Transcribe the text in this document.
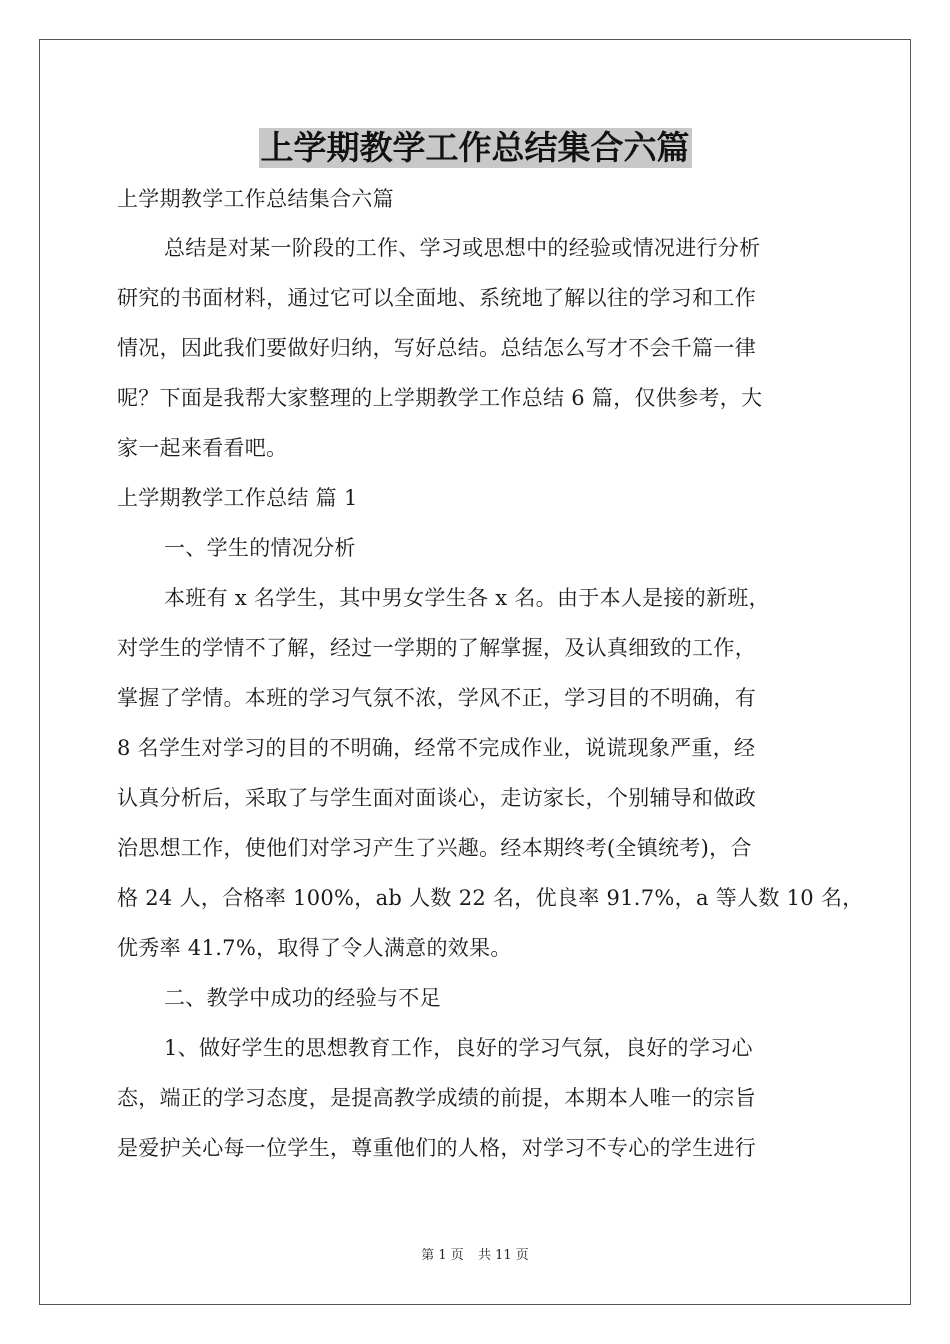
上学期教学工作总结集合六篇
上学期教学工作总结集合六篇
总结是对某一阶段的工作、学习或思想中的经验或情况进行分析
研究的书面材料，通过它可以全面地、系统地了解以往的学习和工作
情况，因此我们要做好归纳，写好总结。总结怎么写才不会千篇一律
呢？下面是我帮大家整理的上学期教学工作总结 6 篇，仅供参考，大
家一起来看看吧。
上学期教学工作总结 篇 1
一、学生的情况分析
本班有 x 名学生，其中男女学生各 x 名。由于本人是接的新班，
对学生的学情不了解，经过一学期的了解掌握，及认真细致的工作，
掌握了学情。本班的学习气氛不浓，学风不正，学习目的不明确，有
8 名学生对学习的目的不明确，经常不完成作业，说谎现象严重，经
认真分析后，采取了与学生面对面谈心，走访家长，个别辅导和做政
治思想工作，使他们对学习产生了兴趣。经本期终考(全镇统考)，合
格 24 人，合格率 100%，ab 人数 22 名，优良率 91.7%，a 等人数 10 名，
优秀率 41.7%，取得了令人满意的效果。
二、教学中成功的经验与不足
1、做好学生的思想教育工作，良好的学习气氛，良好的学习心
态，端正的学习态度，是提高教学成绩的前提，本期本人唯一的宗旨
是爱护关心每一位学生，尊重他们的人格，对学习不专心的学生进行
第 1 页 共 11 页
